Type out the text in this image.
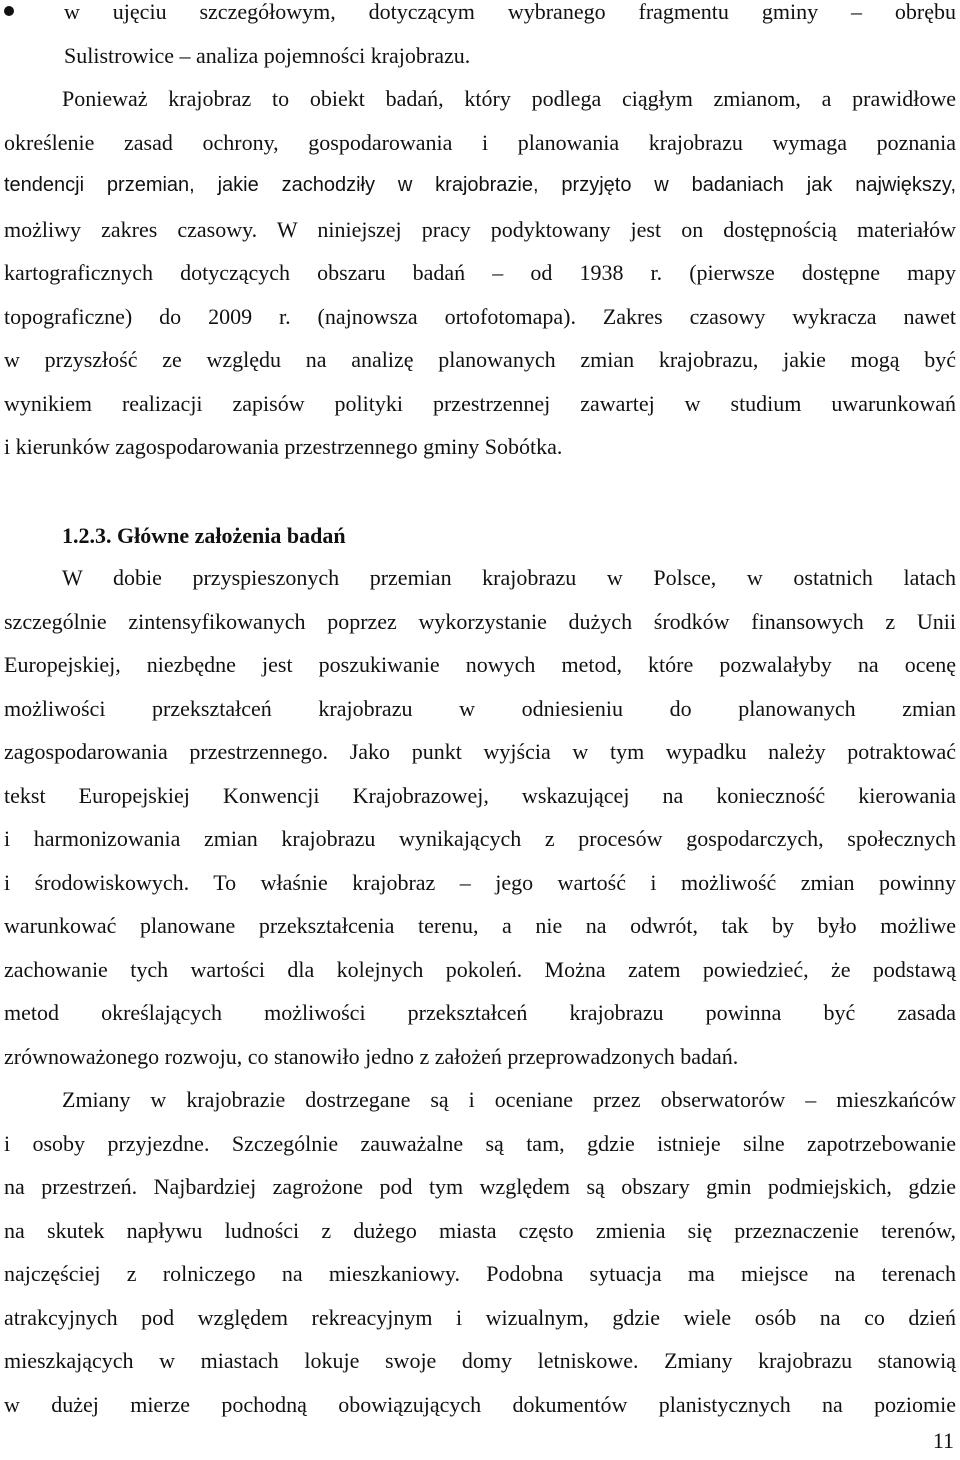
w ujęciu szczegółowym, dotyczącym wybranego fragmentu gminy – obrębu
Sulistrowice – analiza pojemności krajobrazu.
Ponieważ krajobraz to obiekt badań, który podlega ciągłym zmianom, a prawidłowe
określenie zasad ochrony, gospodarowania i planowania krajobrazu wymaga poznania
tendencji przemian, jakie zachodziły w krajobrazie, przyjęto w badaniach jak największy,
możliwy zakres czasowy. W niniejszej pracy podyktowany jest on dostępnością materiałów
kartograficznych dotyczących obszaru badań – od 1938 r. (pierwsze dostępne mapy
topograficzne) do 2009 r. (najnowsza ortofotomapa). Zakres czasowy wykracza nawet
w przyszłość ze względu na analizę planowanych zmian krajobrazu, jakie mogą być
wynikiem realizacji zapisów polityki przestrzennej zawartej w studium uwarunkowań
i kierunków zagospodarowania przestrzennego gminy Sobótka.
1.2.3. Główne założenia badań
W dobie przyspieszonych przemian krajobrazu w Polsce, w ostatnich latach
szczególnie zintensyfikowanych poprzez wykorzystanie dużych środków finansowych z Unii
Europejskiej, niezbędne jest poszukiwanie nowych metod, które pozwalałyby na ocenę
możliwości przekształceń krajobrazu w odniesieniu do planowanych zmian
zagospodarowania przestrzennego. Jako punkt wyjścia w tym wypadku należy potraktować
tekst Europejskiej Konwencji Krajobrazowej, wskazującej na konieczność kierowania
i harmonizowania zmian krajobrazu wynikających z procesów gospodarczych, społecznych
i środowiskowych. To właśnie krajobraz – jego wartość i możliwość zmian powinny
warunkować planowane przekształcenia terenu, a nie na odwrót, tak by było możliwe
zachowanie tych wartości dla kolejnych pokoleń. Można zatem powiedzieć, że podstawą
metod określających możliwości przekształceń krajobrazu powinna być zasada
zrównoważonego rozwoju, co stanowiło jedno z założeń przeprowadzonych badań.
Zmiany w krajobrazie dostrzegane są i oceniane przez obserwatorów – mieszkańców
i osoby przyjezdne. Szczególnie zauważalne są tam, gdzie istnieje silne zapotrzebowanie
na przestrzeń. Najbardziej zagrożone pod tym względem są obszary gmin podmiejskich, gdzie
na skutek napływu ludności z dużego miasta często zmienia się przeznaczenie terenów,
najczęściej z rolniczego na mieszkaniowy. Podobna sytuacja ma miejsce na terenach
atrakcyjnych pod względem rekreacyjnym i wizualnym, gdzie wiele osób na co dzień
mieszkających w miastach lokuje swoje domy letniskowe. Zmiany krajobrazu stanowią
w dużej mierze pochodną obowiązujących dokumentów planistycznych na poziomie
11
